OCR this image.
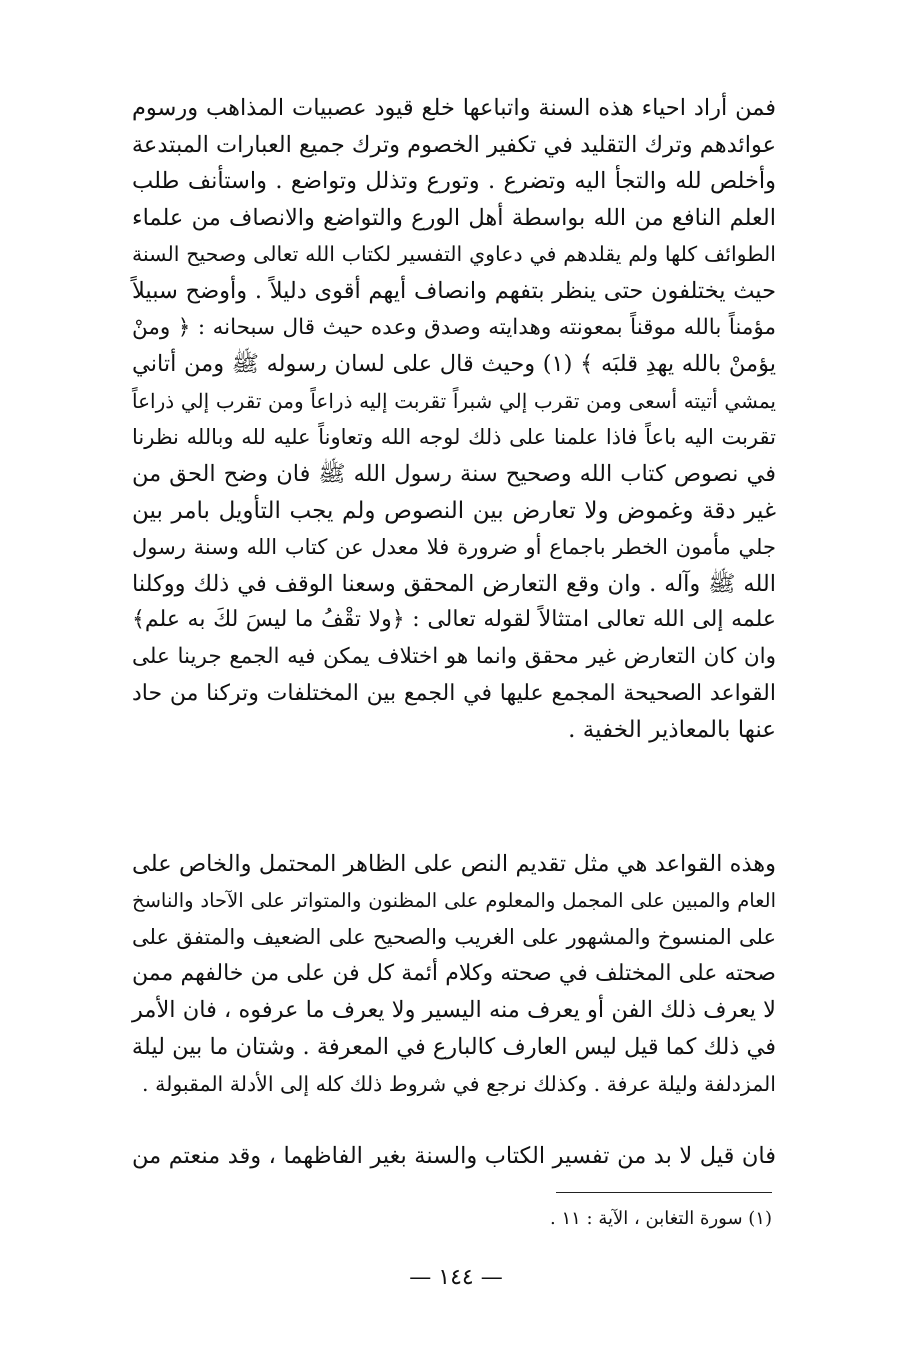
فمن أراد احياء هذه السنة واتباعها خلع قيود عصبيات المذاهب ورسوم
عوائدهم وترك التقليد في تكفير الخصوم وترك جميع العبارات المبتدعة
وأخلص لله والتجأ اليه وتضرع . وتورع وتذلل وتواضع . واستأنف طلب
العلم النافع من الله بواسطة أهل الورع والتواضع والانصاف من علماء
الطوائف كلها ولم يقلدهم في دعاوي التفسير لكتاب الله تعالى وصحيح السنة
حيث يختلفون حتى ينظر بتفهم وانصاف أيهم أقوى دليلاً . وأوضح سبيلاً
مؤمناً بالله موقناً بمعونته وهدايته وصدق وعده حيث قال سبحانه : ﴿ ومنْ
يؤمنْ بالله يهدِ قلبَه ﴾ (١) وحيث قال على لسان رسوله ﷺ ومن أتاني
يمشي أتيته أسعى ومن تقرب إلي شبراً تقربت إليه ذراعاً ومن تقرب إلي ذراعاً
تقربت اليه باعاً فاذا علمنا على ذلك لوجه الله وتعاوناً عليه لله وبالله نظرنا
في نصوص كتاب الله وصحيح سنة رسول الله ﷺ فان وضح الحق من
غير دقة وغموض ولا تعارض بين النصوص ولم يجب التأويل بامر بين
جلي مأمون الخطر باجماع أو ضرورة فلا معدل عن كتاب الله وسنة رسول
الله ﷺ وآله . وان وقع التعارض المحقق وسعنا الوقف في ذلك ووكلنا
علمه إلى الله تعالى امتثالاً لقوله تعالى : ﴿ولا تقْفُ ما ليسَ لكَ به علم﴾
وان كان التعارض غير محقق وانما هو اختلاف يمكن فيه الجمع جرينا على
القواعد الصحيحة المجمع عليها في الجمع بين المختلفات وتركنا من حاد
عنها بالمعاذير الخفية .

وهذه القواعد هي مثل تقديم النص على الظاهر المحتمل والخاص على
العام والمبين على المجمل والمعلوم على المظنون والمتواتر على الآحاد والناسخ
على المنسوخ والمشهور على الغريب والصحيح على الضعيف والمتفق على
صحته على المختلف في صحته وكلام أئمة كل فن على من خالفهم ممن
لا يعرف ذلك الفن أو يعرف منه اليسير ولا يعرف ما عرفوه ، فان الأمر
في ذلك كما قيل ليس العارف كالبارع في المعرفة . وشتان ما بين ليلة
المزدلفة وليلة عرفة . وكذلك نرجع في شروط ذلك كله إلى الأدلة المقبولة .

فان قيل لا بد من تفسير الكتاب والسنة بغير الفاظهما ، وقد منعتم من

(١) سورة التغابن ، الآية : ١١ .
— ١٤٤ —
